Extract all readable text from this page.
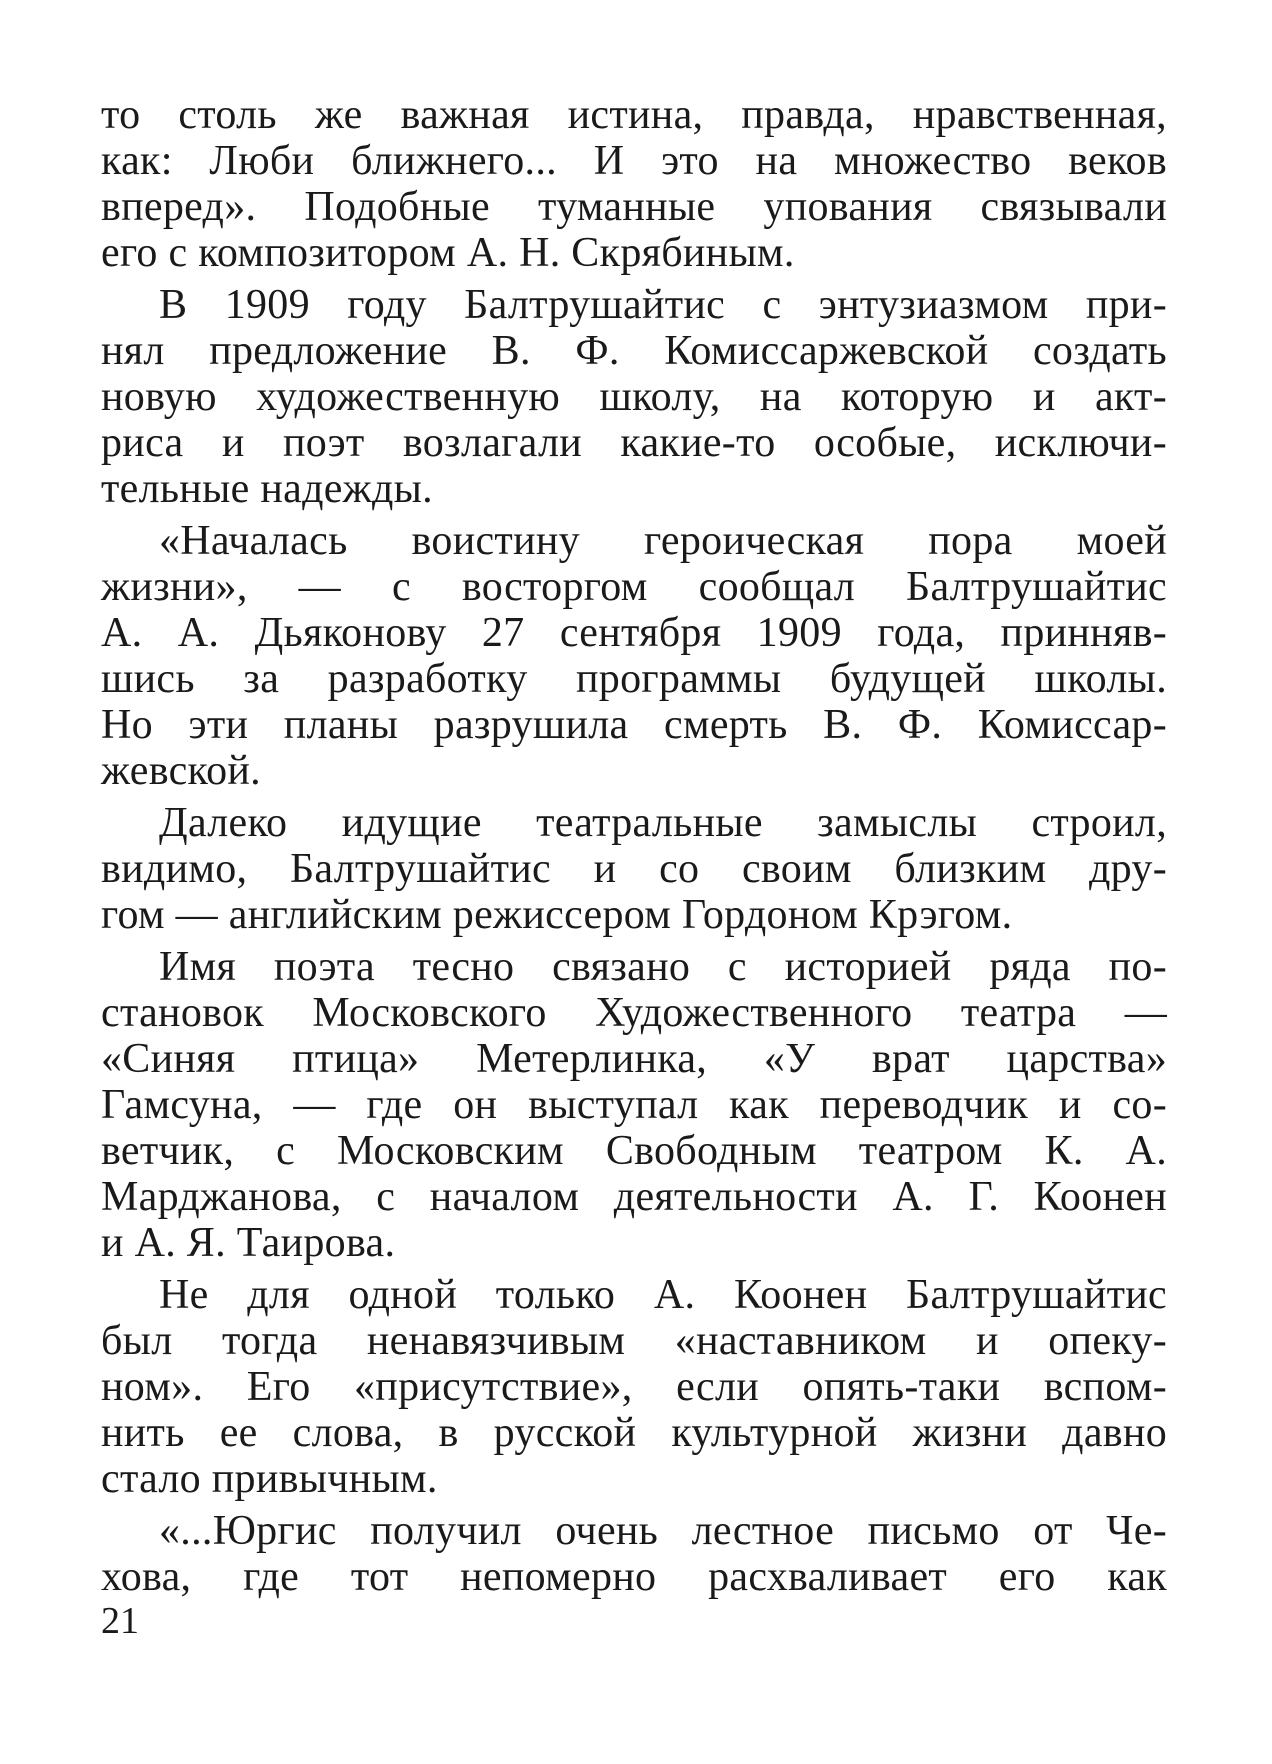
то столь же важная истина, правда, нравственная,
как: Люби ближнего... И это на множество веков
вперед». Подобные туманные упования связывали
его с композитором А. Н. Скрябиным.

В 1909 году Балтрушайтис с энтузиазмом при-
нял предложение В. Ф. Комиссаржевской создать
новую художественную школу, на которую и акт-
риса и поэт возлагали какие-то особые, исключи-
тельные надежды.

«Началась воистину героическая пора моей
жизни», — с восторгом сообщал Балтрушайтис
А. А. Дьяконову 27 сентября 1909 года, принняв-
шись за разработку программы будущей школы.
Но эти планы разрушила смерть В. Ф. Комиссар-
жевской.

Далеко идущие театральные замыслы строил,
видимо, Балтрушайтис и со своим близким дру-
гом — английским режиссером Гордоном Крэгом.

Имя поэта тесно связано с историей ряда по-
становок Московского Художественного театра —
«Синяя птица» Метерлинка, «У врат царства»
Гамсуна, — где он выступал как переводчик и со-
ветчик, с Московским Свободным театром К. А.
Марджанова, с началом деятельности А. Г. Коонен
и А. Я. Таирова.

Не для одной только А. Коонен Балтрушайтис
был тогда ненавязчивым «наставником и опеку-
ном». Его «присутствие», если опять-таки вспом-
нить ее слова, в русской культурной жизни давно
стало привычным.

«...Юргис получил очень лестное письмо от Че-
хова, где тот непомерно расхваливает его как

21
